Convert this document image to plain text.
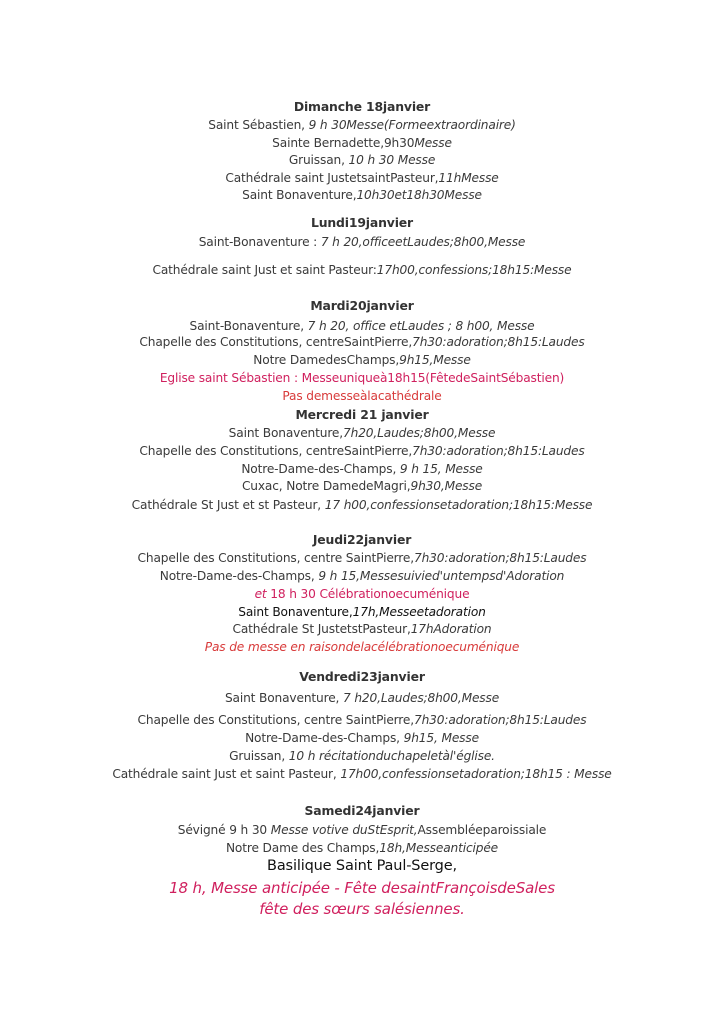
Dimanche 18janvier
Saint Sébastien, 9 h 30Messe(Formeextraordinaire)
Sainte Bernadette,9h30Messe
Gruissan, 10 h 30 Messe
Cathédrale saint JustetsaintPasteur,11hMesse
Saint Bonaventure,10h30et18h30Messe
Lundi19janvier
Saint-Bonaventure : 7 h 20,officeetLaudes;8h00,Messe
Cathédrale saint Just et saint Pasteur:17h00,confessions;18h15:Messe
Mardi20janvier
Saint-Bonaventure, 7 h 20, office etLaudes ; 8 h00, Messe
Chapelle des Constitutions, centreSaintPierre,7h30:adoration;8h15:Laudes
Notre DamedesChamps,9h15,Messe
Eglise saint Sébastien : Messeuniqueà18h15(FêtedeSaintSébastien)
Pas demesseàlacathédrale
Mercredi 21 janvier
Saint Bonaventure,7h20,Laudes;8h00,Messe
Chapelle des Constitutions, centreSaintPierre,7h30:adoration;8h15:Laudes
Notre-Dame-des-Champs, 9 h 15, Messe
Cuxac, Notre DamedeMagri,9h30,Messe
Cathédrale St Just et st Pasteur, 17 h00,confessionsetadoration;18h15:Messe
Jeudi22janvier
Chapelle des Constitutions, centre SaintPierre,7h30:adoration;8h15:Laudes
Notre-Dame-des-Champs, 9 h 15,Messesuivied'untempsd'Adoration
et 18 h 30 Célébrationoecuménique
Saint Bonaventure,17h,Messeetadoration
Cathédrale St JustetstPasteur,17hAdoration
Pas de messe en raisondelacélébrationoecuménique
Vendredi23janvier
Saint Bonaventure, 7 h20,Laudes;8h00,Messe
Chapelle des Constitutions, centre SaintPierre,7h30:adoration;8h15:Laudes
Notre-Dame-des-Champs, 9h15, Messe
Gruissan, 10 h récitationduchapeletàl'église.
Cathédrale saint Just et saint Pasteur, 17h00,confessionsetadoration;18h15 : Messe
Samedi24janvier
Sévigné 9 h 30 Messe votive duStEsprit,Assembléeparoissiale
Notre Dame des Champs,18h,Messeanticipée
Basilique Saint Paul-Serge,
18 h, Messe anticipée - Fête desaintFrançoisdeSales
fête des sœurs salésiennes.
